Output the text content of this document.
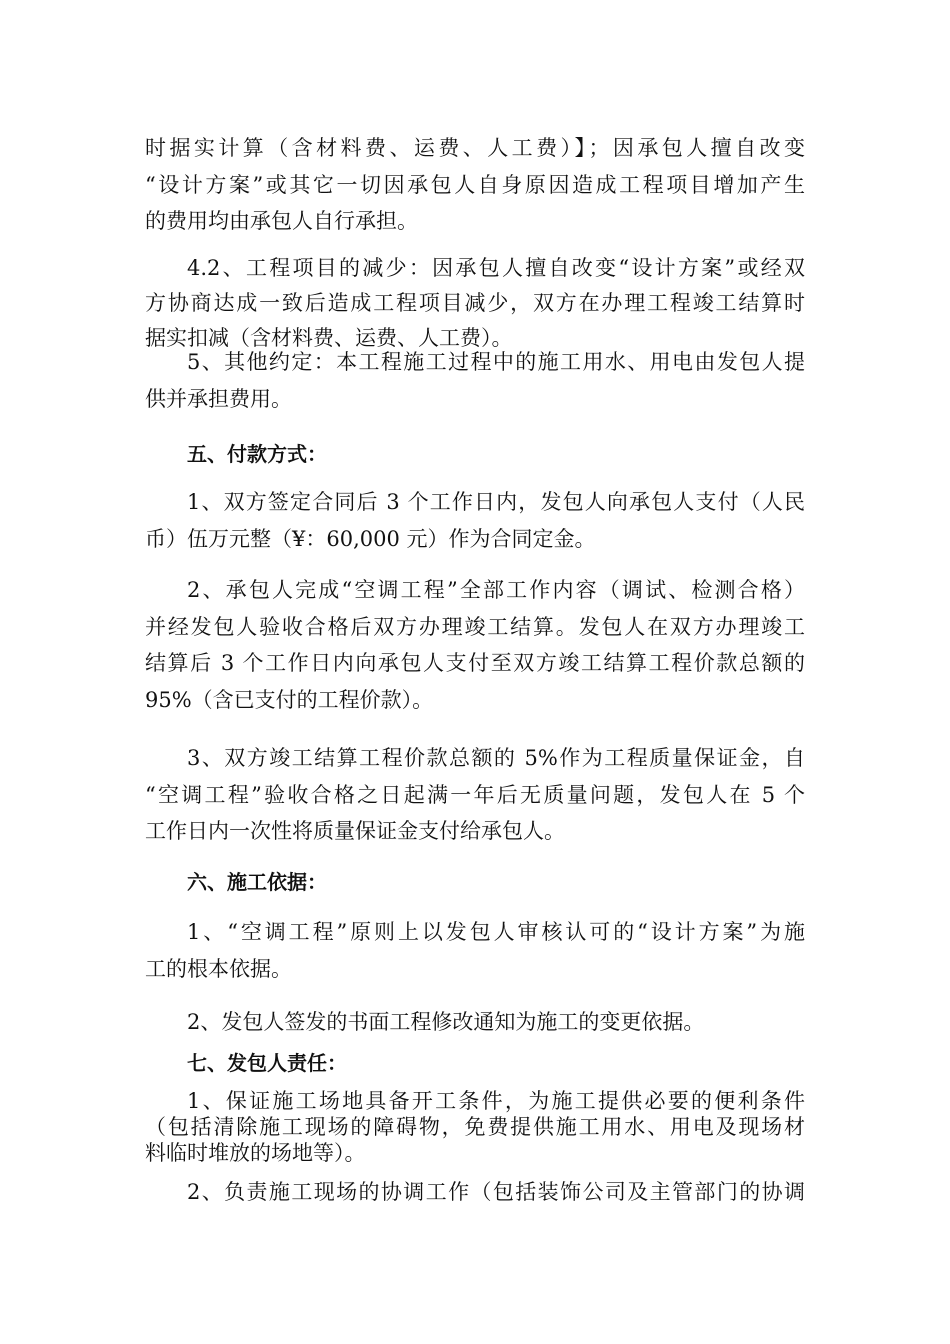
时据实计算（含材料费、运费、人工费）】；因承包人擅自改变
“设计方案”或其它一切因承包人自身原因造成工程项目增加产生
的费用均由承包人自行承担。
4.2、工程项目的减少：因承包人擅自改变“设计方案”或经双
方协商达成一致后造成工程项目减少，双方在办理工程竣工结算时
据实扣减（含材料费、运费、人工费）。
5、其他约定：本工程施工过程中的施工用水、用电由发包人提
供并承担费用。
五、付款方式：
1、双方签定合同后 3 个工作日内，发包人向承包人支付（人民
币）伍万元整（¥：60,000 元）作为合同定金。
2、承包人完成“空调工程”全部工作内容（调试、检测合格）
并经发包人验收合格后双方办理竣工结算。发包人在双方办理竣工
结算后 3 个工作日内向承包人支付至双方竣工结算工程价款总额的
95%（含已支付的工程价款）。
3、双方竣工结算工程价款总额的 5%作为工程质量保证金，自
“空调工程”验收合格之日起满一年后无质量问题，发包人在 5 个
工作日内一次性将质量保证金支付给承包人。
六、施工依据：
1、“空调工程”原则上以发包人审核认可的“设计方案”为施
工的根本依据。
2、发包人签发的书面工程修改通知为施工的变更依据。
七、发包人责任：
1、保证施工场地具备开工条件，为施工提供必要的便利条件
（包括清除施工现场的障碍物，免费提供施工用水、用电及现场材
料临时堆放的场地等）。
2、负责施工现场的协调工作（包括装饰公司及主管部门的协调
